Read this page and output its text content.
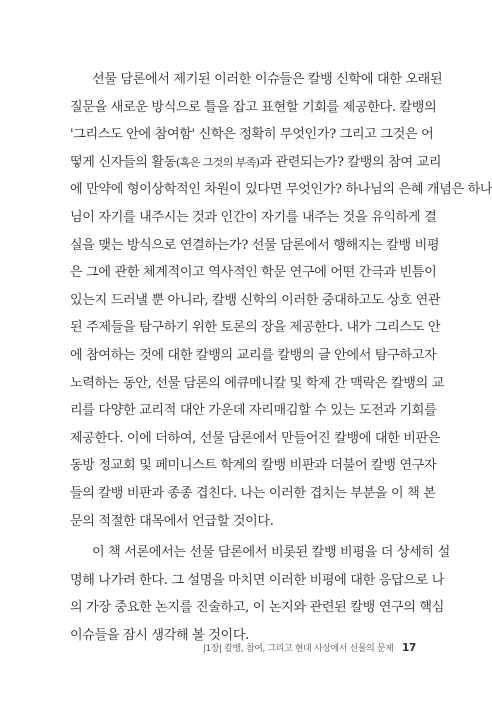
선물 담론에서 제기된 이러한 이슈들은 칼뱅 신학에 대한 오래된
질문을 새로운 방식으로 틀을 잡고 표현할 기회를 제공한다. 칼뱅의
'그리스도 안에 참여함' 신학은 정확히 무엇인가? 그리고 그것은 어
떻게 신자들의 활동(혹은 그것의 부족)과 관련되는가? 칼뱅의 참여 교리
에 만약에 형이상학적인 차원이 있다면 무엇인가? 하나님의 은혜 개념은 하나
님이 자기를 내주시는 것과 인간이 자기를 내주는 것을 유익하게 결
실을 맺는 방식으로 연결하는가? 선물 담론에서 행해지는 칼뱅 비평
은 그에 관한 체계적이고 역사적인 학문 연구에 어떤 간극과 빈틈이
있는지 드러낼 뿐 아니라, 칼뱅 신학의 이러한 중대하고도 상호 연관
된 주제들을 탐구하기 위한 토론의 장을 제공한다. 내가 그리스도 안
에 참여하는 것에 대한 칼뱅의 교리를 칼뱅의 글 안에서 탐구하고자
노력하는 동안, 선물 담론의 에큐메니칼 및 학제 간 맥락은 칼뱅의 교
리를 다양한 교리적 대안 가운데 자리매김할 수 있는 도전과 기회를
제공한다. 이에 더하여, 선물 담론에서 만들어진 칼뱅에 대한 비판은
동방 정교회 및 페미니스트 학계의 칼뱅 비판과 더불어 칼뱅 연구자
들의 칼뱅 비판과 종종 겹친다. 나는 이러한 겹치는 부분을 이 책 본
문의 적절한 대목에서 언급할 것이다.
이 책 서론에서는 선물 담론에서 비롯된 칼뱅 비평을 더 상세히 설
명해 나가려 한다. 그 설명을 마치면 이러한 비평에 대한 응답으로 나
의 가장 중요한 논지를 진술하고, 이 논지와 관련된 칼뱅 연구의 핵심
이슈들을 잠시 생각해 볼 것이다.
|1장| 칼뱅, 참여, 그리고 현대 사상에서 선물의 문제 17
